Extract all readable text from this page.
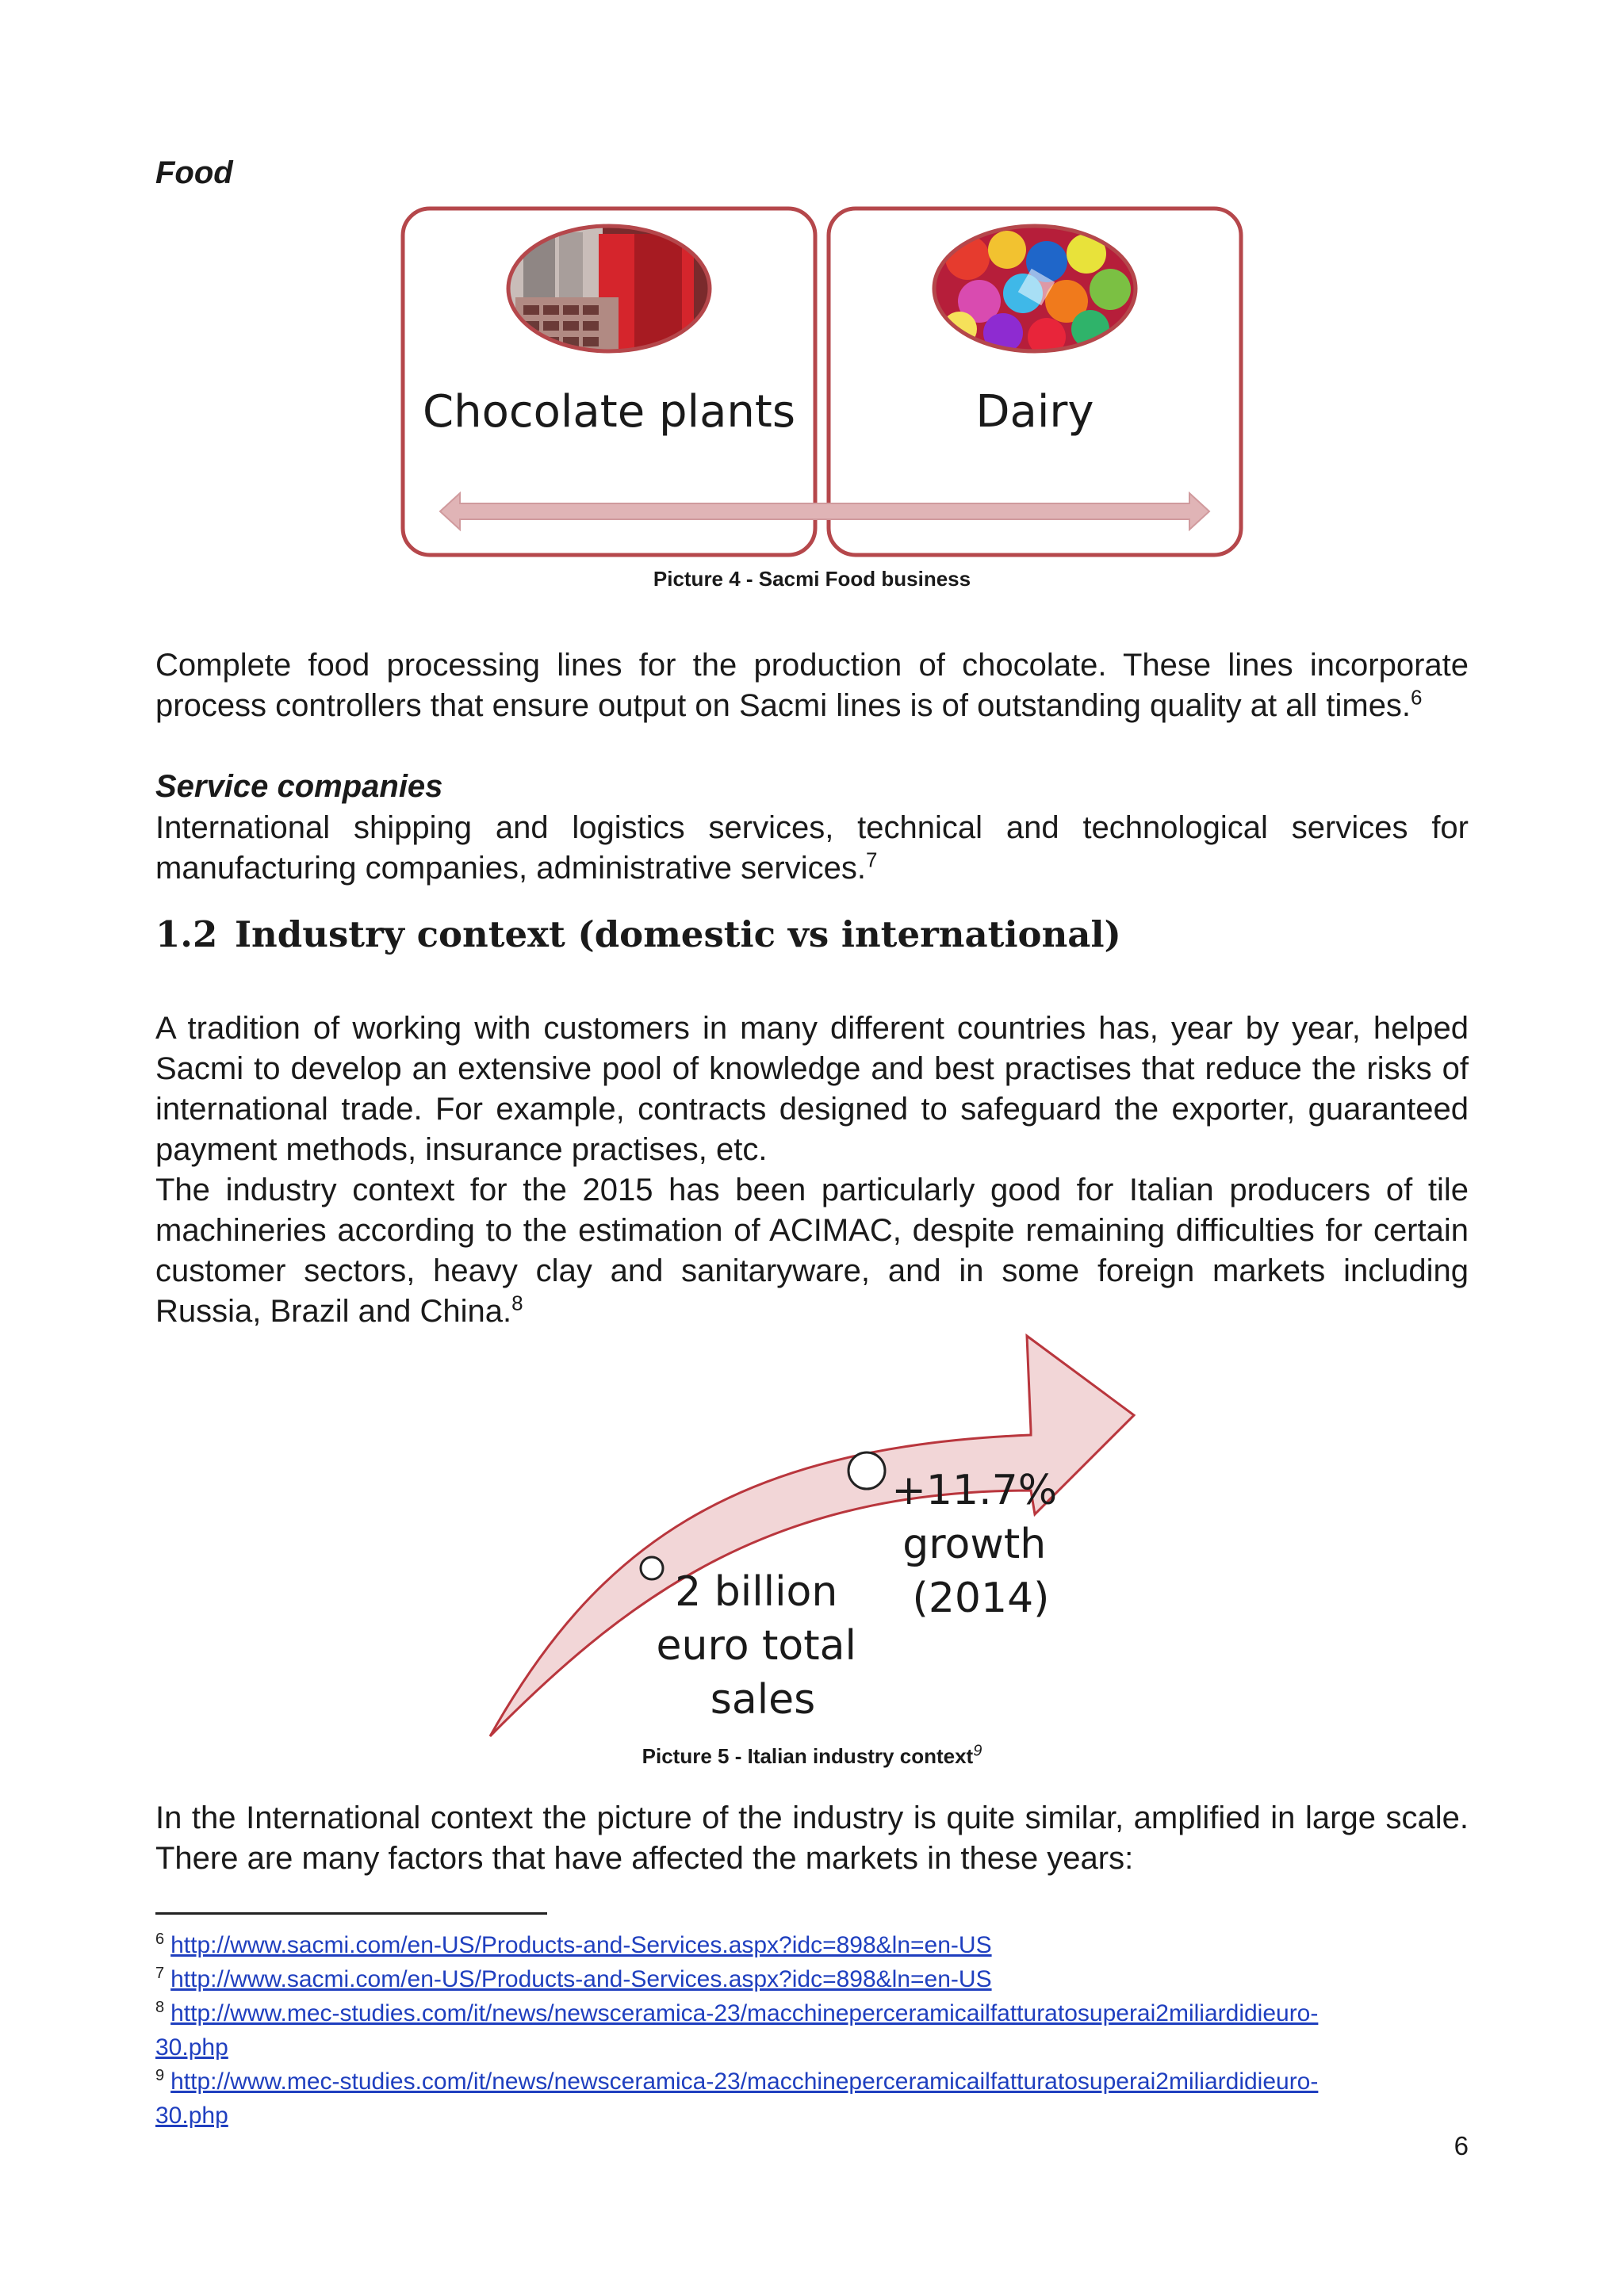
Food
Chocolate plants	Dairy
Picture 4 - Sacmi Food business
Complete food processing lines for the production of chocolate. These lines incorporate process controllers that ensure output on Sacmi lines is of outstanding quality at all times.$^6$
Service companies
International shipping and logistics services, technical and technological services for manufacturing companies, administrative services.$^7$
1.2 Industry context (domestic vs international)

A tradition of working with customers in many different countries has, year by year, helped Sacmi to develop an extensive pool of knowledge and best practises that reduce the risks of international trade. For example, contracts designed to safeguard the exporter, guaranteed payment methods, insurance practises, etc.

The industry context for the 2015 has been particularly good for Italian producers of tile machineries according to the estimation of ACIMAC, despite remaining difficulties for certain customer sectors, heavy clay and sanitaryware, and in some foreign markets including Russia, Brazil and China.$^8$

2 billion euro total sales
+11.7% growth (2014)
Picture 5 - Italian industry context$^9$
In the International context the picture of the industry is quite similar, amplified in large scale. There are many factors that have affected the markets in these years:
$^6$ http://www.sacmi.com/en-US/Products-and-Services.aspx?idc=898&ln=en-US
$^7$ http://www.sacmi.com/en-US/Products-and-Services.aspx?idc=898&ln=en-US
$^8$ http://www.mec-studies.com/it/news/newsceramica-23/macchineperceramicailfatturatosuperai2miliardidieuro-
30.php
$^9$ http://www.mec-studies.com/it/news/newsceramica-23/macchineperceramicailfatturatosuperai2miliardidieuro-
30.php
6
